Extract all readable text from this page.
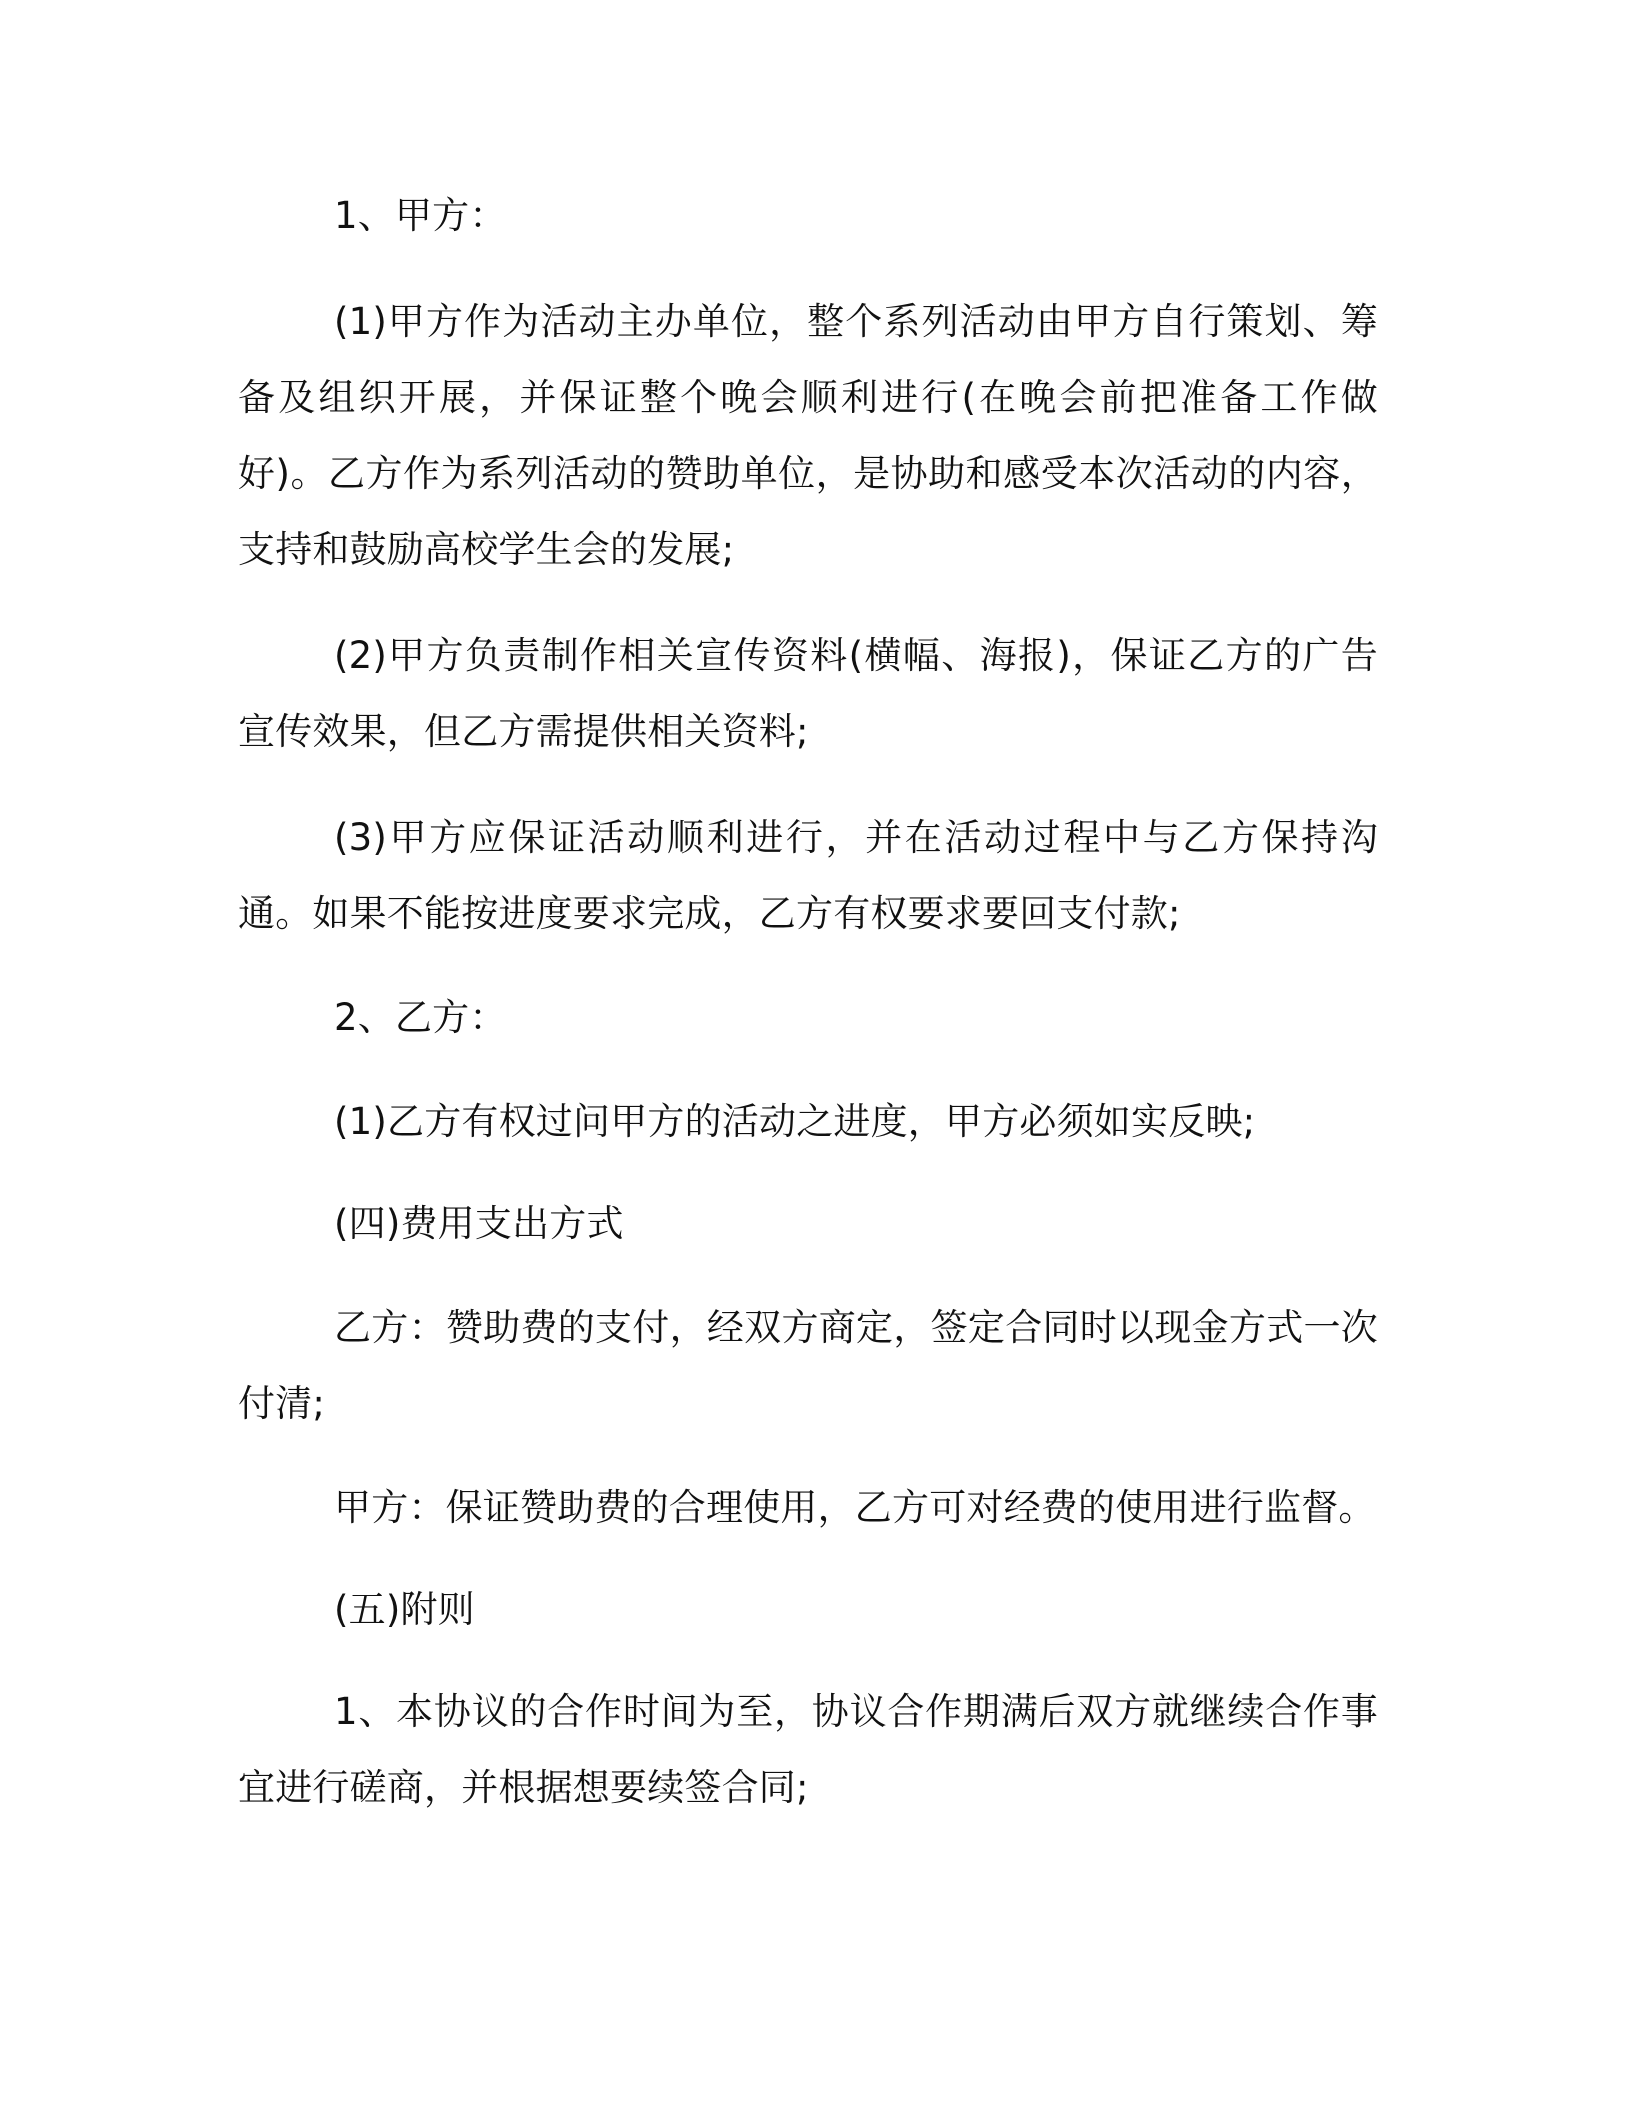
1、甲方：

(1)甲方作为活动主办单位，整个系列活动由甲方自行策划、筹备及组织开展，并保证整个晚会顺利进行(在晚会前把准备工作做好)。乙方作为系列活动的赞助单位，是协助和感受本次活动的内容，支持和鼓励高校学生会的发展;

(2)甲方负责制作相关宣传资料(横幅、海报)，保证乙方的广告宣传效果，但乙方需提供相关资料;

(3)甲方应保证活动顺利进行，并在活动过程中与乙方保持沟通。如果不能按进度要求完成，乙方有权要求要回支付款;

2、乙方：

(1)乙方有权过问甲方的活动之进度，甲方必须如实反映;

(四)费用支出方式

乙方：赞助费的支付，经双方商定，签定合同时以现金方式一次付清;

甲方：保证赞助费的合理使用，乙方可对经费的使用进行监督。

(五)附则

1、本协议的合作时间为至，协议合作期满后双方就继续合作事宜进行磋商，并根据想要续签合同;
